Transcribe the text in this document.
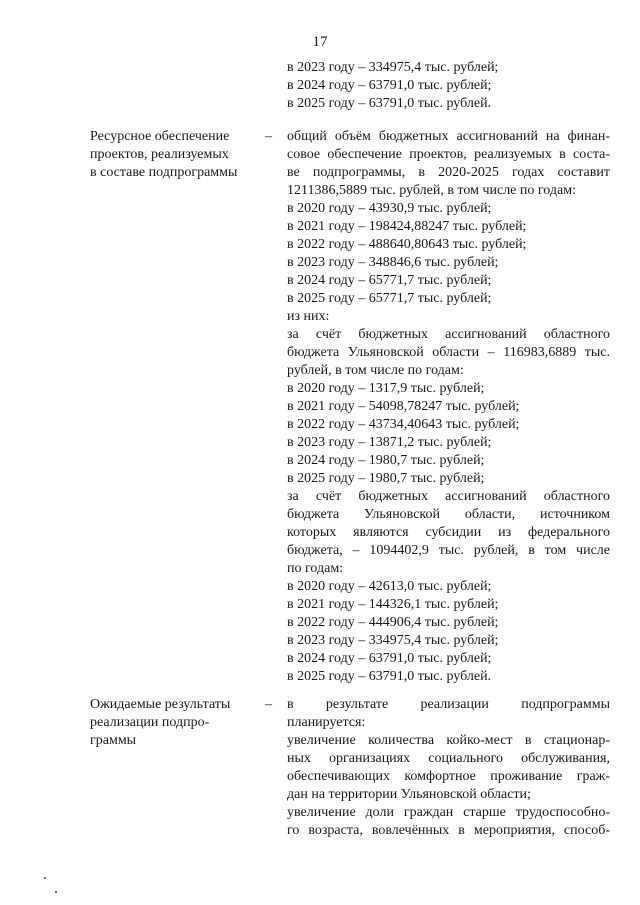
17
в 2023 году – 334975,4 тыс. рублей;
в 2024 году – 63791,0 тыс. рублей;
в 2025 году – 63791,0 тыс. рублей.
Ресурсное обеспечение
проектов, реализуемых
в составе подпрограммы
– общий объём бюджетных ассигнований на финан-
совое обеспечение проектов, реализуемых в соста-
ве подпрограммы, в 2020-2025 годах составит
1211386,5889 тыс. рублей, в том числе по годам:
в 2020 году – 43930,9 тыс. рублей;
в 2021 году – 198424,88247 тыс. рублей;
в 2022 году – 488640,80643 тыс. рублей;
в 2023 году – 348846,6 тыс. рублей;
в 2024 году – 65771,7 тыс. рублей;
в 2025 году – 65771,7 тыс. рублей;
из них:
за счёт бюджетных ассигнований областного
бюджета Ульяновской области – 116983,6889 тыс.
рублей, в том числе по годам:
в 2020 году – 1317,9 тыс. рублей;
в 2021 году – 54098,78247 тыс. рублей;
в 2022 году – 43734,40643 тыс. рублей;
в 2023 году – 13871,2 тыс. рублей;
в 2024 году – 1980,7 тыс. рублей;
в 2025 году – 1980,7 тыс. рублей;
за счёт бюджетных ассигнований областного
бюджета Ульяновской области, источником
которых являются субсидии из федерального
бюджета, – 1094402,9 тыс. рублей, в том числе
по годам:
в 2020 году – 42613,0 тыс. рублей;
в 2021 году – 144326,1 тыс. рублей;
в 2022 году – 444906,4 тыс. рублей;
в 2023 году – 334975,4 тыс. рублей;
в 2024 году – 63791,0 тыс. рублей;
в 2025 году – 63791,0 тыс. рублей.
Ожидаемые результаты
реализации подпро-
граммы
– в результате реализации подпрограммы
планируется:
увеличение количества койко-мест в стационар-
ных организациях социального обслуживания,
обеспечивающих комфортное проживание граж-
дан на территории Ульяновской области;
увеличение доли граждан старше трудоспособно-
го возраста, вовлечённых в мероприятия, способ-
